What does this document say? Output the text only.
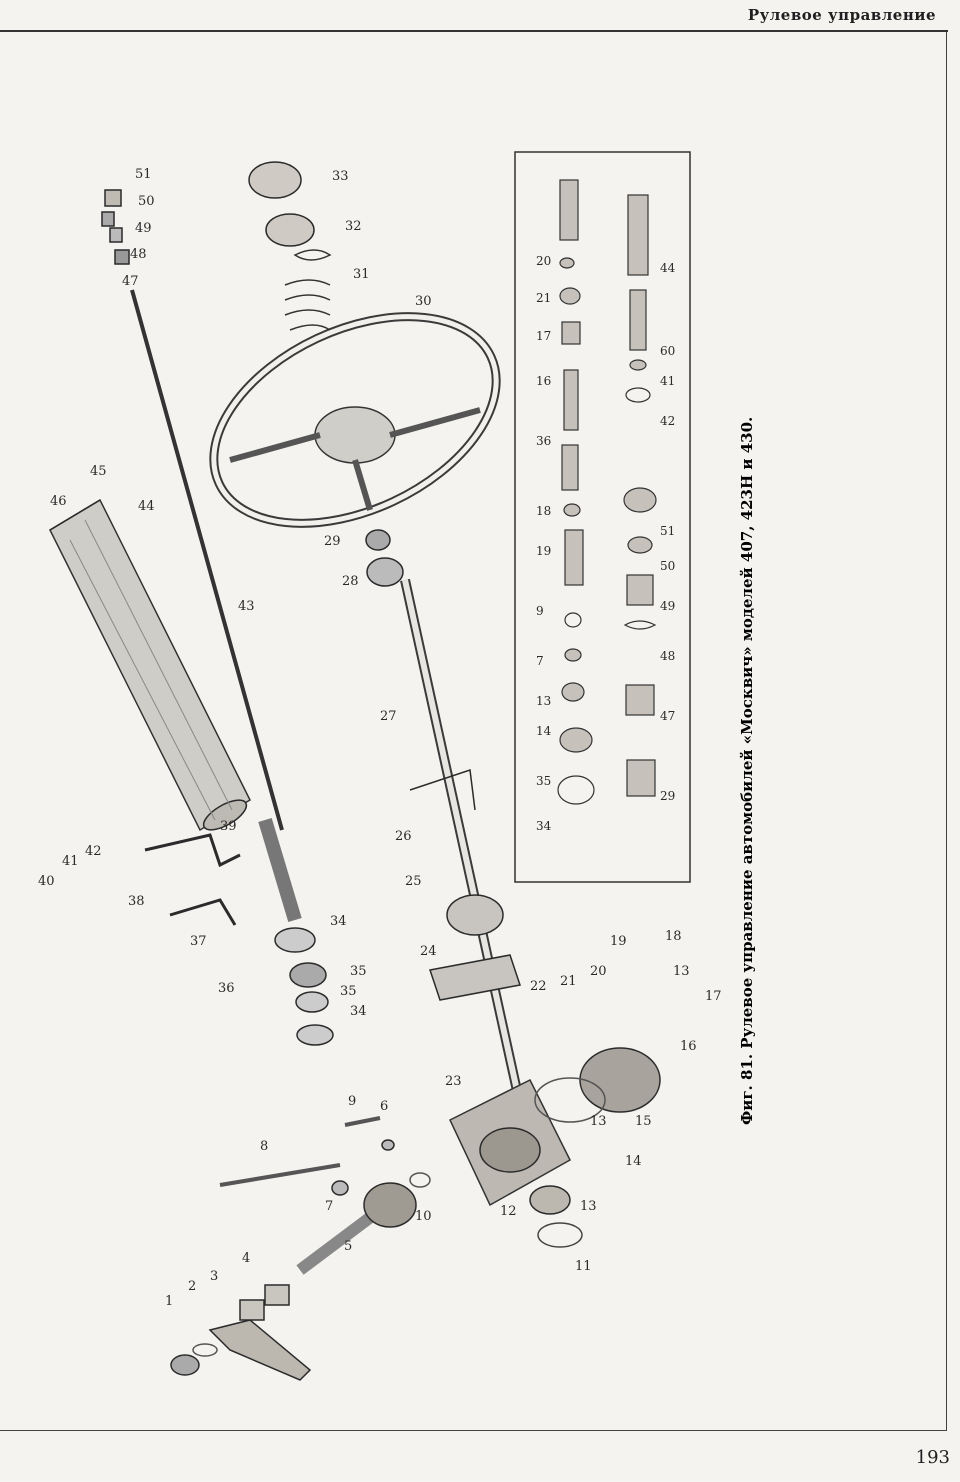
Рулевое управление
1
2
3
4
5
6
7
8
9
10
11
12
13
13
13
14
15
16
17
18
19
20
21
22
23
24
25
26
27
28
29
30
31
32
33
34
35
34
35
36
37
38
39
40
41
42
43
44
45
46
47
48
49
50
51
20
21
17
16
36
18
19
9
7
13
14
35
34
44
60
41
42
51
50
49
48
47
29	Фиг. 81. Рулевое управление автомобилей «Москвич» моделей 407, 423Н и 430.
193
